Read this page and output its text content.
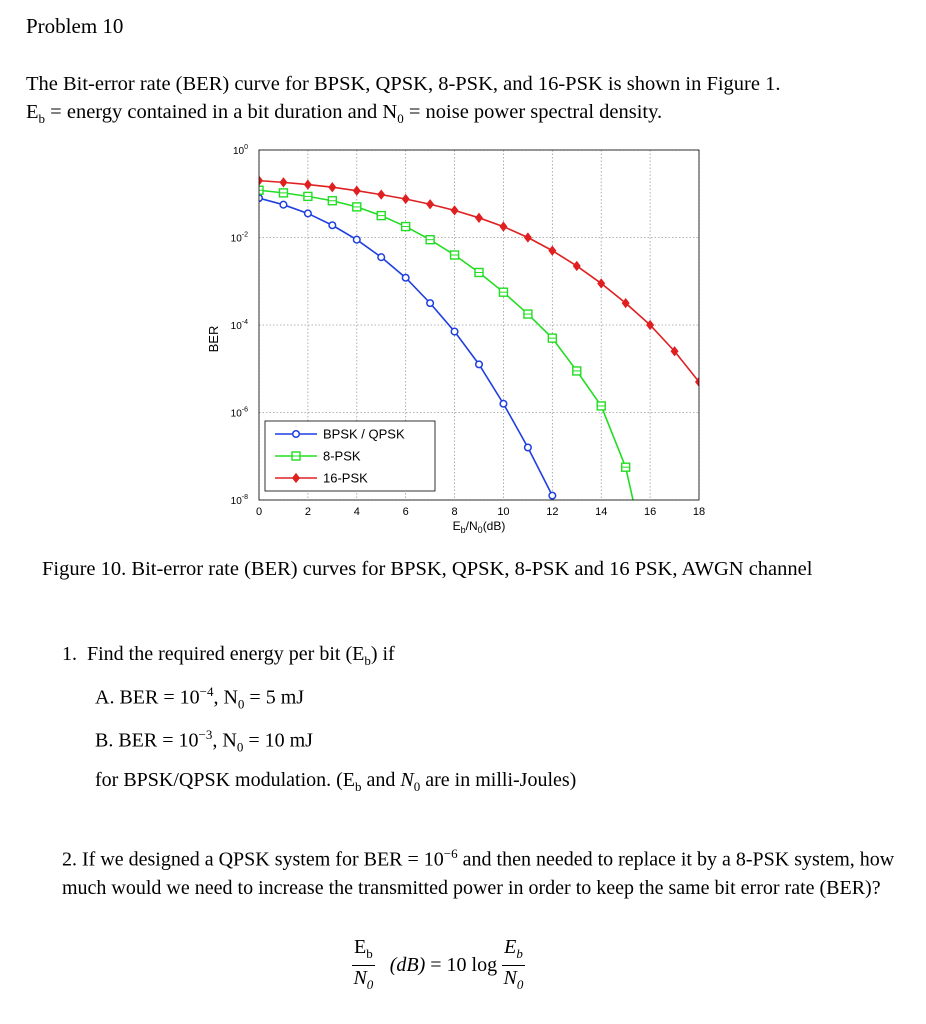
Problem 10
The Bit-error rate (BER) curve for BPSK, QPSK, 8-PSK, and 16-PSK is shown in Figure 1.
$E_b$ = energy contained in a bit duration and $N_0$ = noise power spectral density.
0	2	4	6	8	10	12	14	16	18
$10^0$
$10^{-2}$
$10^{-4}$
$10^{-6}$
$10^{-8}$
BER
$E_b/N_0(dB)$
BPSK / QPSK
8-PSK
16-PSK
Figure 10. Bit-error rate (BER) curves for BPSK, QPSK, 8-PSK and 16 PSK, AWGN channel
1. Find the required energy per bit $(E_b)$ if
A. BER = $10^{-4}$, $N_0 = 5$ mJ
B. BER = $10^{-3}$, $N_0 = 10$ mJ
for BPSK/QPSK modulation. ($E_b$ and $N_0$ are in milli-Joules)
2. If we designed a QPSK system for BER = $10^{-6}$ and then needed to replace it by a 8-PSK system, how much would we need to increase the transmitted power in order to keep the same bit error rate (BER)?
$\frac{E_b}{N_0} (dB) = 10$ $\log \frac{E_b}{N_0}$
